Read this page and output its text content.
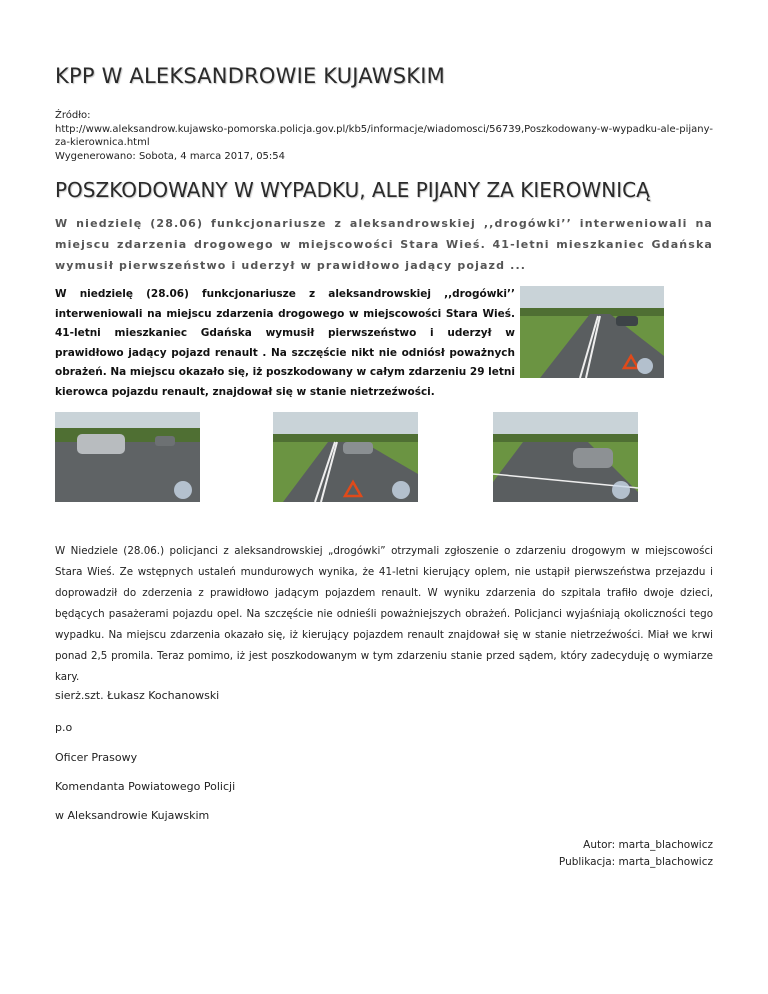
KPP W ALEKSANDROWIE KUJAWSKIM
Źródło:
http://www.aleksandrow.kujawsko-pomorska.policja.gov.pl/kb5/informacje/wiadomosci/56739,Poszkodowany-w-wypadku-ale-pijany-za-kierownica.html
Wygenerowano: Sobota, 4 marca 2017, 05:54
POSZKODOWANY W WYPADKU, ALE PIJANY ZA KIEROWNICĄ
W niedzielę (28.06) funkcjonariusze z aleksandrowskiej ,,drogówki’’ interweniowali na miejscu zdarzenia drogowego w miejscowości Stara Wieś. 41-letni mieszkaniec Gdańska wymusił pierwszeństwo i uderzył w prawidłowo jadący pojazd ...
W niedzielę (28.06) funkcjonariusze z aleksandrowskiej ,,drogówki’’ interweniowali na miejscu zdarzenia drogowego w miejscowości Stara Wieś. 41-letni mieszkaniec Gdańska wymusił pierwszeństwo i uderzył w prawidłowo jadący pojazd renault . Na szczęście nikt nie odniósł poważnych obrażeń. Na miejscu okazało się, iż poszkodowany w całym zdarzeniu 29 letni kierowca pojazdu renault, znajdował się w stanie nietrzeźwości.
W Niedziele (28.06.) policjanci z aleksandrowskiej „drogówki” otrzymali zgłoszenie o zdarzeniu drogowym w miejscowości Stara Wieś. Ze wstępnych ustaleń mundurowych wynika, że 41-letni kierujący oplem, nie ustąpił pierwszeństwa przejazdu i doprowadził do zderzenia z prawidłowo jadącym pojazdem renault. W wyniku zdarzenia do szpitala trafiło dwoje dzieci, będących pasażerami pojazdu opel. Na szczęście nie odnieśli poważniejszych obrażeń. Policjanci wyjaśniają okoliczności tego wypadku. Na miejscu zdarzenia okazało się, iż kierujący pojazdem renault znajdował się w stanie nietrzeźwości. Miał we krwi ponad 2,5 promila. Teraz pomimo, iż jest poszkodowanym w tym zdarzeniu stanie przed sądem, który zadecyduję o wymiarze kary.
sierż.szt. Łukasz Kochanowski
p.o
Oficer Prasowy
Komendanta Powiatowego Policji
w Aleksandrowie Kujawskim
Autor: marta_blachowicz
Publikacja: marta_blachowicz
